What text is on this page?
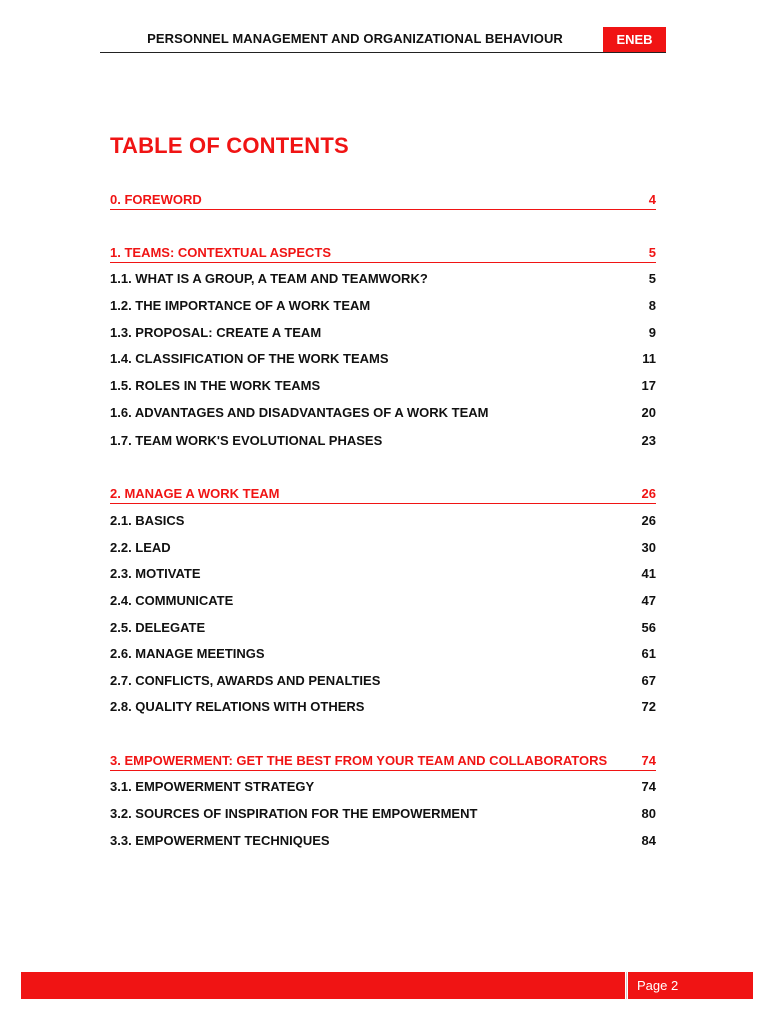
PERSONNEL MANAGEMENT AND ORGANIZATIONAL BEHAVIOUR	ENEB
TABLE OF CONTENTS
0. FOREWORD	4
1. TEAMS: CONTEXTUAL ASPECTS	5
1.1. WHAT IS A GROUP, A TEAM AND TEAMWORK?	5
1.2. THE IMPORTANCE OF A WORK TEAM	8
1.3. PROPOSAL: CREATE A TEAM	9
1.4. CLASSIFICATION OF THE WORK TEAMS	11
1.5. ROLES IN THE WORK TEAMS	17
1.6. ADVANTAGES AND DISADVANTAGES OF A WORK TEAM	20
1.7. TEAM WORK'S EVOLUTIONAL PHASES	23
2. MANAGE A WORK TEAM	26
2.1. BASICS	26
2.2. LEAD	30
2.3. MOTIVATE	41
2.4. COMMUNICATE	47
2.5. DELEGATE	56
2.6. MANAGE MEETINGS	61
2.7. CONFLICTS, AWARDS AND PENALTIES	67
2.8. QUALITY RELATIONS WITH OTHERS	72
3. EMPOWERMENT: GET THE BEST FROM YOUR TEAM AND COLLABORATORS	74
3.1. EMPOWERMENT STRATEGY	74
3.2. SOURCES OF INSPIRATION FOR THE EMPOWERMENT	80
3.3. EMPOWERMENT TECHNIQUES	84
Page 2
